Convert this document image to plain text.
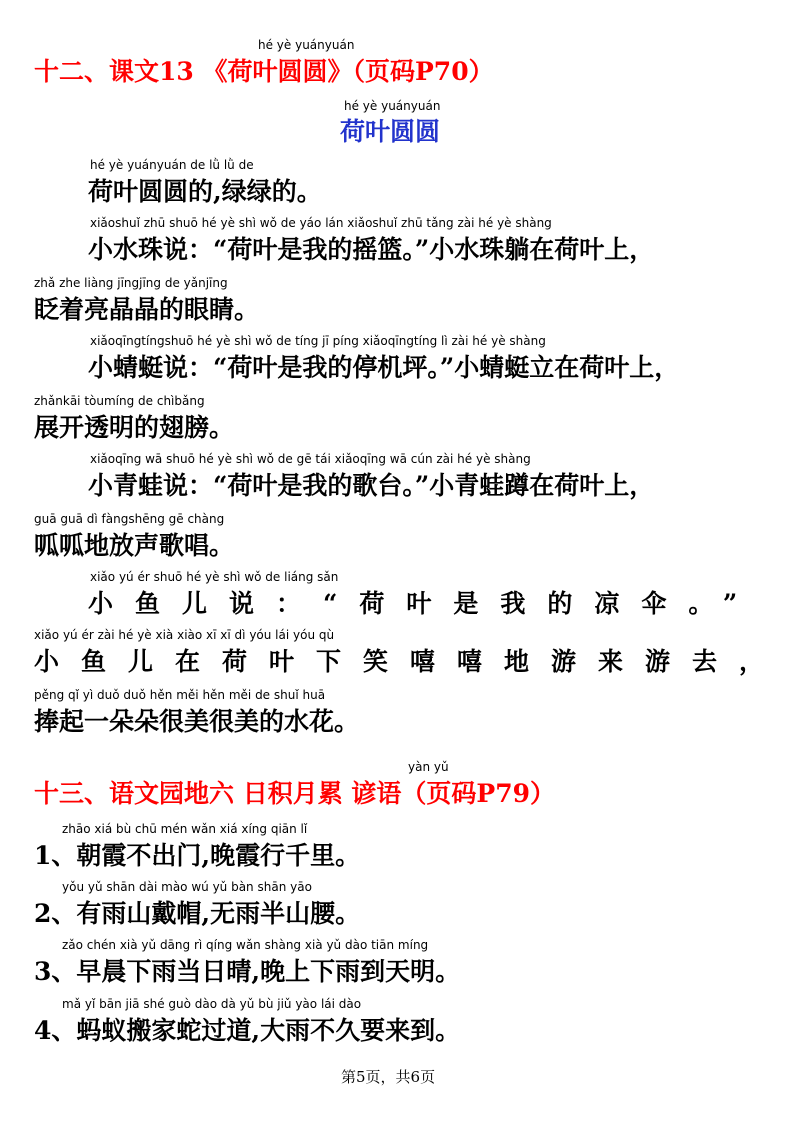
hé yè yuányuán
十二、课文13 《荷叶圆圆》（页码P70）
hé yè yuányuán
荷叶圆圆
hé yè yuányuán de lǜ lǜ de
荷叶圆圆的,绿绿的。
xiǎoshuǐ zhū shuō hé yè shì wǒ de yáo lán xiǎoshuǐ zhū tǎng zài hé yè shàng
小水珠说：“荷叶是我的摇篮。”小水珠躺在荷叶上，
zhǎ zhe liàng jīngjīng de yǎnjīng
眨着亮晶晶的眼睛。
xiǎoqīngtíngshuō hé yè shì wǒ de tíng jī píng xiǎoqīngtíng lì zài hé yè shàng
小蜻蜓说：“荷叶是我的停机坪。”小蜻蜓立在荷叶上，
zhǎnkāi tòumíng de chìbǎng
展开透明的翅膀。
xiǎoqīng wā shuō hé yè shì wǒ de gē tái xiǎoqīng wā cún zài hé yè shàng
小青蛙说：“荷叶是我的歌台。”小青蛙蹲在荷叶上，
guā guā dì fàngshēng gē chàng
呱呱地放声歌唱。
xiǎo yú ér shuō hé yè shì wǒ de liáng sǎn
小鱼儿说：“荷叶是我的凉伞。”
xiǎo yú ér zài hé yè xià xiào xī xī dì yóu lái yóu qù
小鱼儿在荷叶下笑嘻嘻地游来游去，
pěng qǐ yì duǒ duǒ hěn měi hěn měi de shuǐ huā
捧起一朵朵很美很美的水花。
yàn yǔ
十三、语文园地六 日积月累 谚语（页码P79）
zhāo xiá bù chū mén wǎn xiá xíng qiān lǐ
1、朝霞不出门,晚霞行千里。
yǒu yǔ shān dài mào wú yǔ bàn shān yāo
2、有雨山戴帽,无雨半山腰。
zǎo chén xià yǔ dāng rì qíng wǎn shàng xià yǔ dào tiān míng
3、早晨下雨当日晴,晚上下雨到天明。
mǎ yǐ bān jiā shé guò dào dà yǔ bù jiǔ yào lái dào
4、蚂蚁搬家蛇过道,大雨不久要来到。
第5页，共6页
